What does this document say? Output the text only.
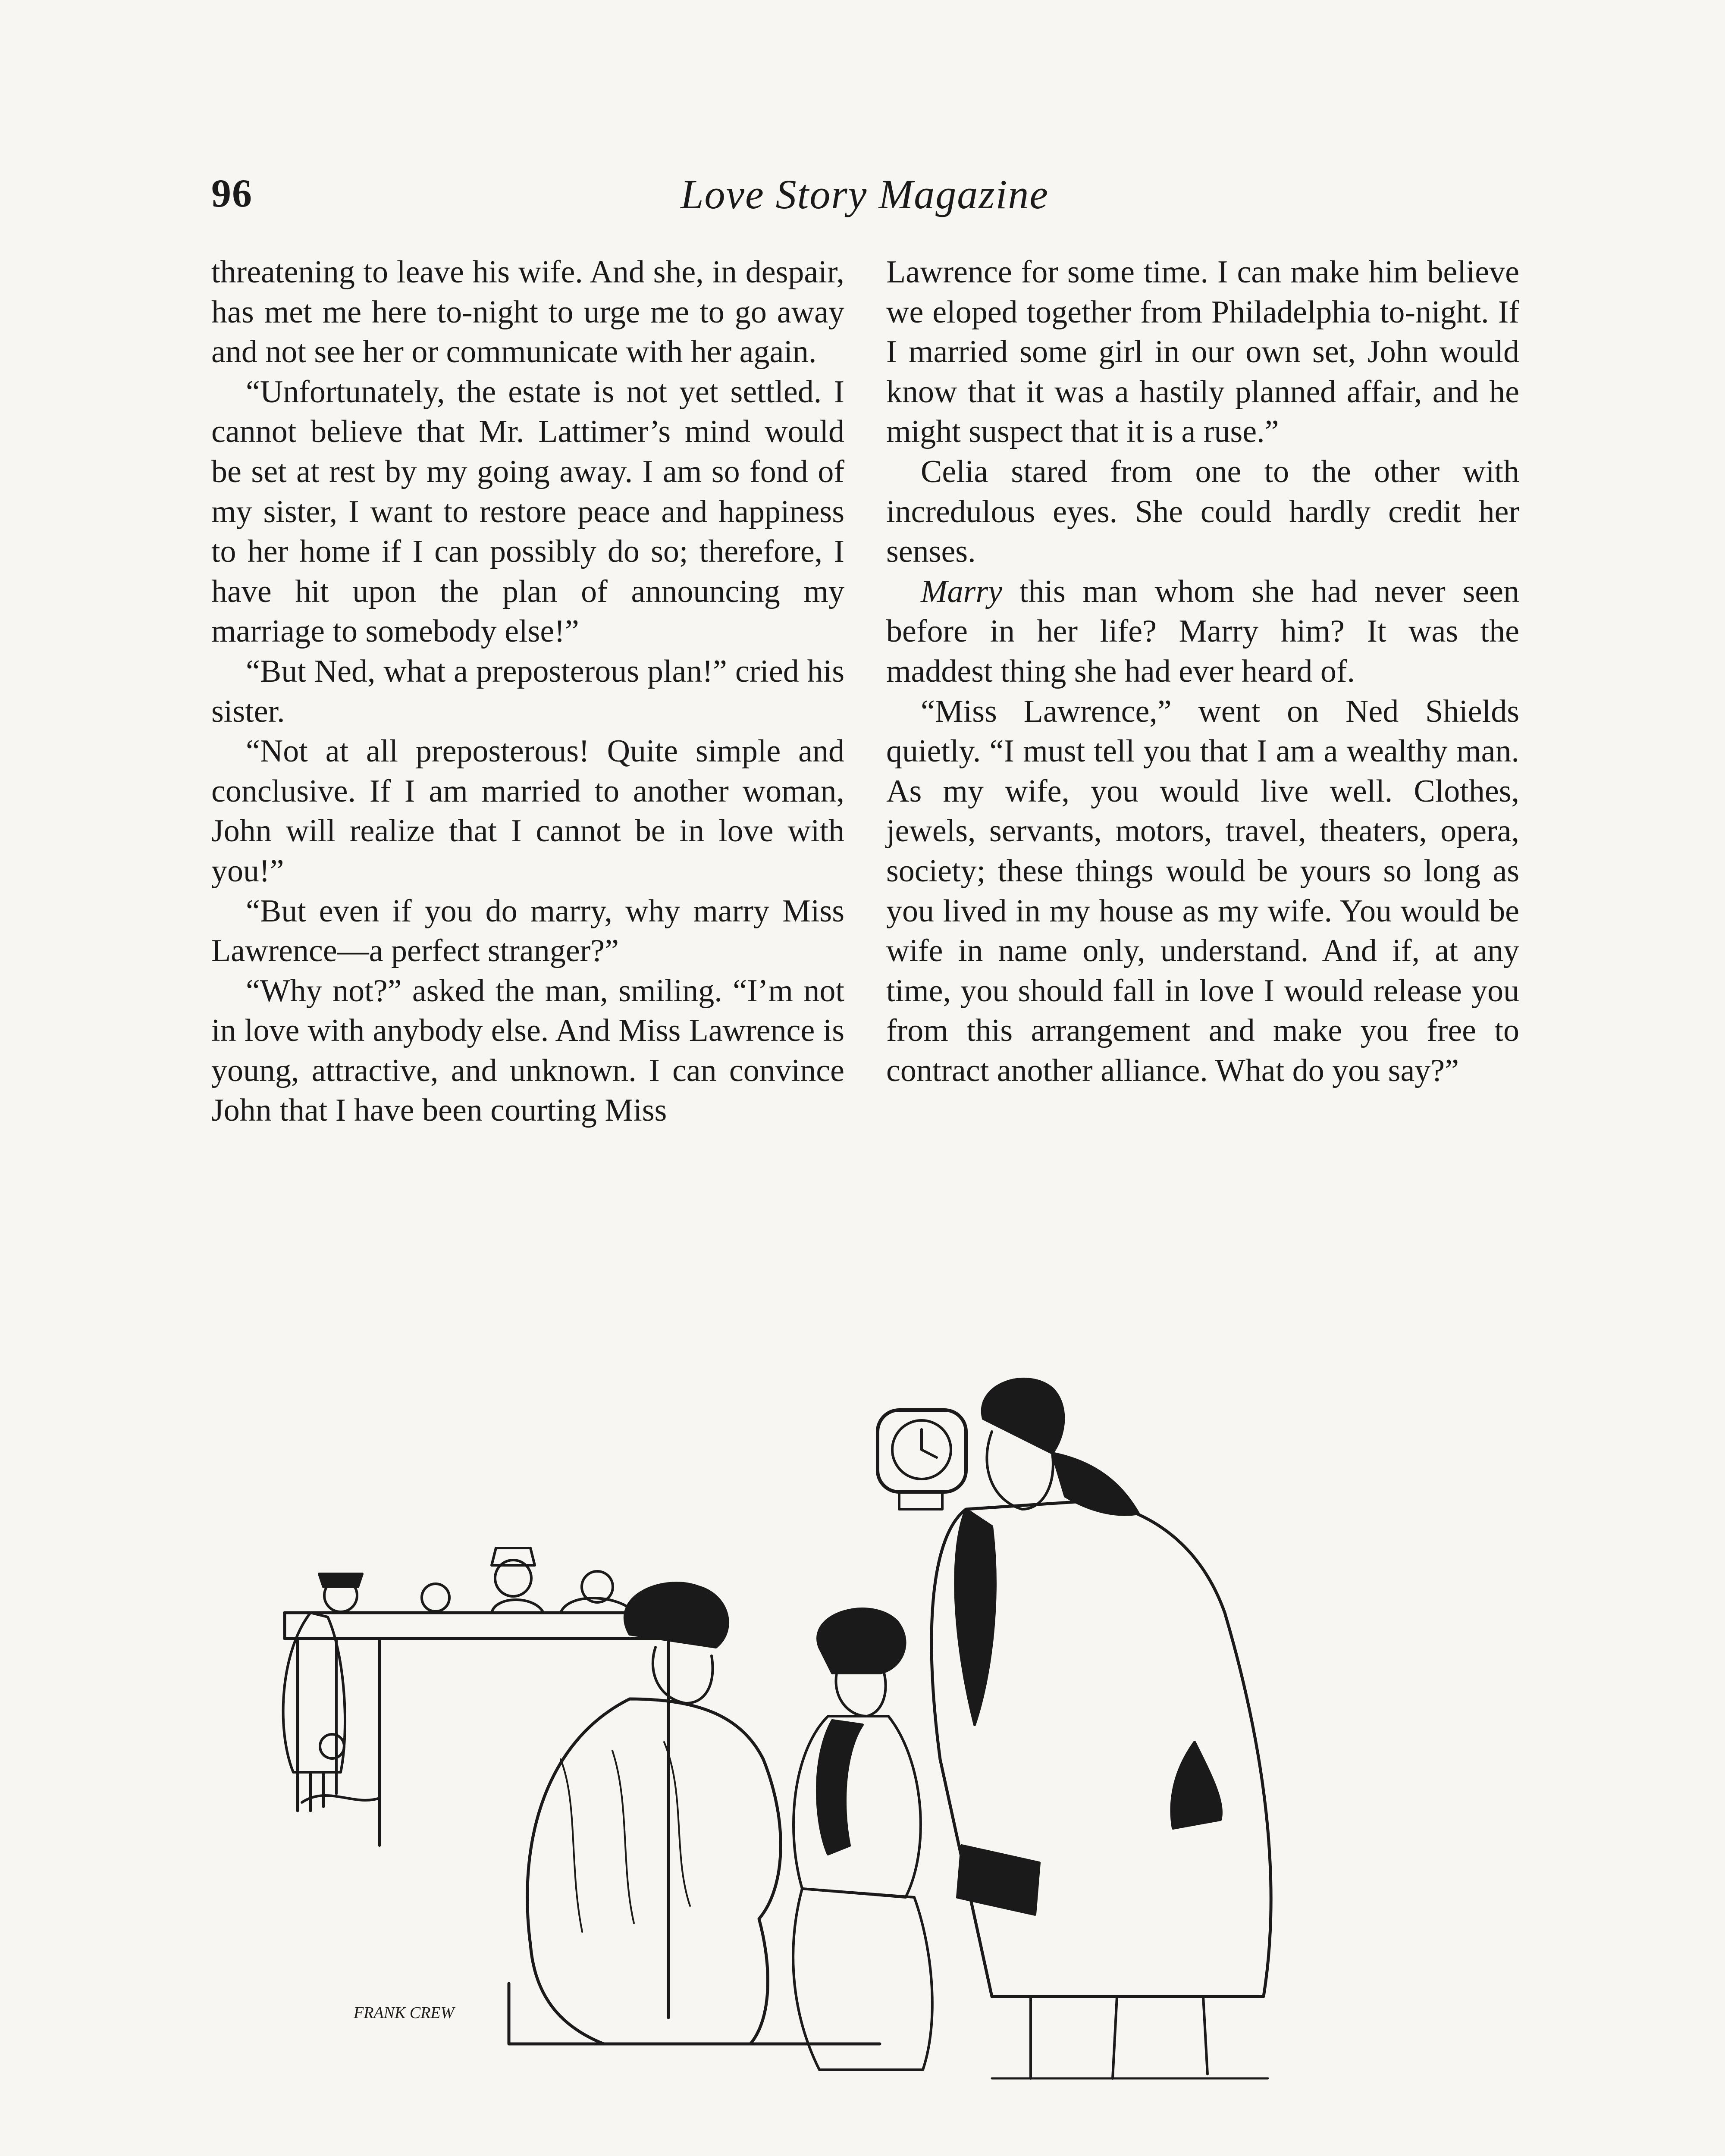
96	Love Story Magazine

threatening to leave his wife. And she, in despair, has met me here to-night to urge me to go away and not see her or communicate with her again.

“Unfortunately, the estate is not yet settled. I cannot believe that Mr. Lattimer’s mind would be set at rest by my going away. I am so fond of my sister, I want to restore peace and happiness to her home if I can possibly do so; therefore, I have hit upon the plan of announcing my marriage to somebody else!”

“But Ned, what a preposterous plan!” cried his sister.

“Not at all preposterous! Quite simple and conclusive. If I am married to another woman, John will realize that I cannot be in love with you!”

“But even if you do marry, why marry Miss Lawrence—a perfect stranger?”

“Why not?” asked the man, smiling. “I’m not in love with anybody else. And Miss Lawrence is young, attractive, and unknown. I can convince John that I have been courting Miss

Lawrence for some time. I can make him believe we eloped together from Philadelphia to-night. If I married some girl in our own set, John would know that it was a hastily planned affair, and he might suspect that it is a ruse.”

Celia stared from one to the other with incredulous eyes. She could hardly credit her senses.

Marry this man whom she had never seen before in her life? Marry him? It was the maddest thing she had ever heard of.

“Miss Lawrence,” went on Ned Shields quietly. “I must tell you that I am a wealthy man. As my wife, you would live well. Clothes, jewels, servants, motors, travel, theaters, opera, society; these things would be yours so long as you lived in my house as my wife. You would be wife in name only, understand. And if, at any time, you should fall in love I would release you from this arrangement and make you free to contract another alliance. What do you say?”

FRANK CREW
